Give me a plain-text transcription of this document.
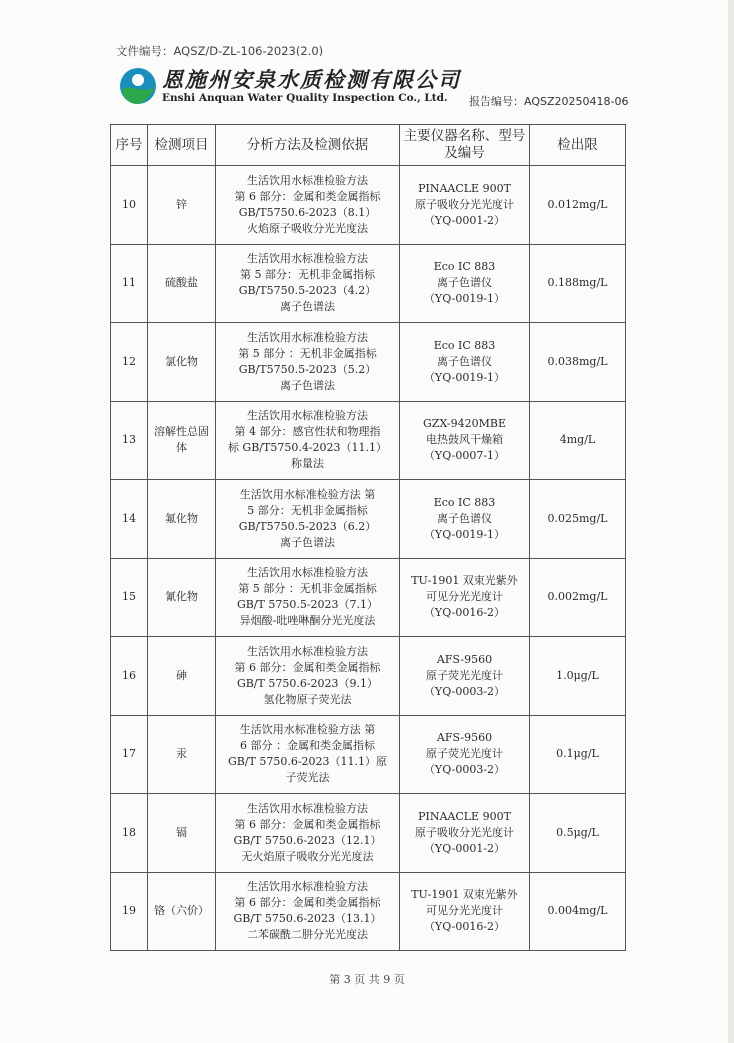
文件编号：AQSZ/D-ZL-106-2023(2.0)
恩施州安泉水质检测有限公司
Enshi Anquan Water Quality Inspection Co., Ltd. 报告编号：AQSZ20250418-06
序号	检测项目	分析方法及检测依据	主要仪器名称、型号及编号	检出限
10	锌	生活饮用水标准检验方法
第 6 部分：金属和类金属指标
GB/T5750.6-2023（8.1）
火焰原子吸收分光光度法	PINAACLE 900T
原子吸收分光光度计
（YQ-0001-2）	0.012mg/L
11	硫酸盐	生活饮用水标准检验方法
第 5 部分：无机非金属指标
GB/T5750.5-2023（4.2）
离子色谱法	Eco IC 883
离子色谱仪
（YQ-0019-1）	0.188mg/L
12	氯化物	生活饮用水标准检验方法
第 5 部分 ：无机非金属指标
GB/T5750.5-2023（5.2）
离子色谱法	Eco IC 883
离子色谱仪
（YQ-0019-1）	0.038mg/L
13	溶解性总固体	生活饮用水标准检验方法
第 4 部分：感官性状和物理指
标 GB/T5750.4-2023（11.1）
称量法	GZX-9420MBE
电热鼓风干燥箱
（YQ-0007-1）	4mg/L
14	氟化物	生活饮用水标准检验方法 第
5 部分：无机非金属指标
GB/T5750.5-2023（6.2）
离子色谱法	Eco IC 883
离子色谱仪
（YQ-0019-1）	0.025mg/L
15	氰化物	生活饮用水标准检验方法
第 5 部分 ：无机非金属指标
GB/T 5750.5-2023（7.1）
异烟酸-吡唑啉酮分光光度法	TU-1901 双束光紫外
可见分光光度计
（YQ-0016-2）	0.002mg/L
16	砷	生活饮用水标准检验方法
第 6 部分：金属和类金属指标
GB/T 5750.6-2023（9.1）
氢化物原子荧光法	AFS-9560
原子荧光光度计
（YQ-0003-2）	1.0μg/L
17	汞	生活饮用水标准检验方法 第
6 部分 ：金属和类金属指标
GB/T 5750.6-2023（11.1）原
子荧光法	AFS-9560
原子荧光光度计
（YQ-0003-2）	0.1μg/L
18	镉	生活饮用水标准检验方法
第 6 部分：金属和类金属指标
GB/T 5750.6-2023（12.1）
无火焰原子吸收分光光度法	PINAACLE 900T
原子吸收分光光度计
（YQ-0001-2）	0.5μg/L
19	铬（六价）	生活饮用水标准检验方法
第 6 部分：金属和类金属指标
GB/T 5750.6-2023（13.1）
二苯碳酰二肼分光光度法	TU-1901 双束光紫外
可见分光光度计
（YQ-0016-2）	0.004mg/L
第 3 页 共 9 页
